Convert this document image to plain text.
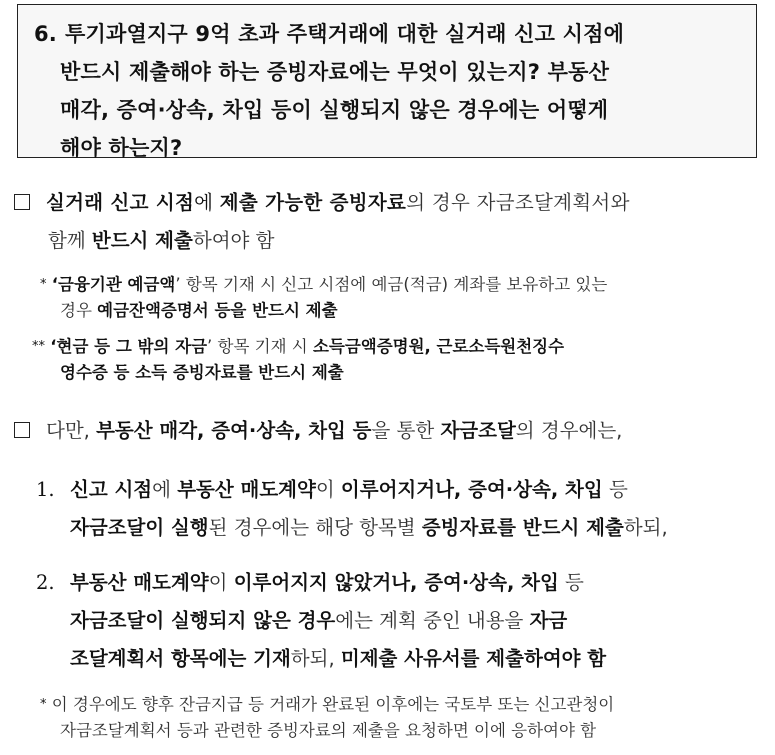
6. 투기과열지구 9억 초과 주택거래에 대한 실거래 신고 시점에
반드시 제출해야 하는 증빙자료에는 무엇이 있는지? 부동산
매각, 증여·상속, 차입 등이 실행되지 않은 경우에는 어떻게
해야 하는지?
실거래 신고 시점에 제출 가능한 증빙자료의 경우 자금조달계획서와
함께 반드시 제출하여야 함
* ‘금융기관 예금액’ 항목 기재 시 신고 시점에 예금(적금) 계좌를 보유하고 있는
경우 예금잔액증명서 등을 반드시 제출
** ‘현금 등 그 밖의 자금’ 항목 기재 시 소득금액증명원, 근로소득원천징수
영수증 등 소득 증빙자료를 반드시 제출
다만, 부동산 매각, 증여·상속, 차입 등을 통한 자금조달의 경우에는,
1. 신고 시점에 부동산 매도계약이 이루어지거나, 증여·상속, 차입 등
자금조달이 실행된 경우에는 해당 항목별 증빙자료를 반드시 제출하되,
2. 부동산 매도계약이 이루어지지 않았거나, 증여·상속, 차입 등
자금조달이 실행되지 않은 경우에는 계획 중인 내용을 자금
조달계획서 항목에는 기재하되, 미제출 사유서를 제출하여야 함
* 이 경우에도 향후 잔금지급 등 거래가 완료된 이후에는 국토부 또는 신고관청이
자금조달계획서 등과 관련한 증빙자료의 제출을 요청하면 이에 응하여야 함
